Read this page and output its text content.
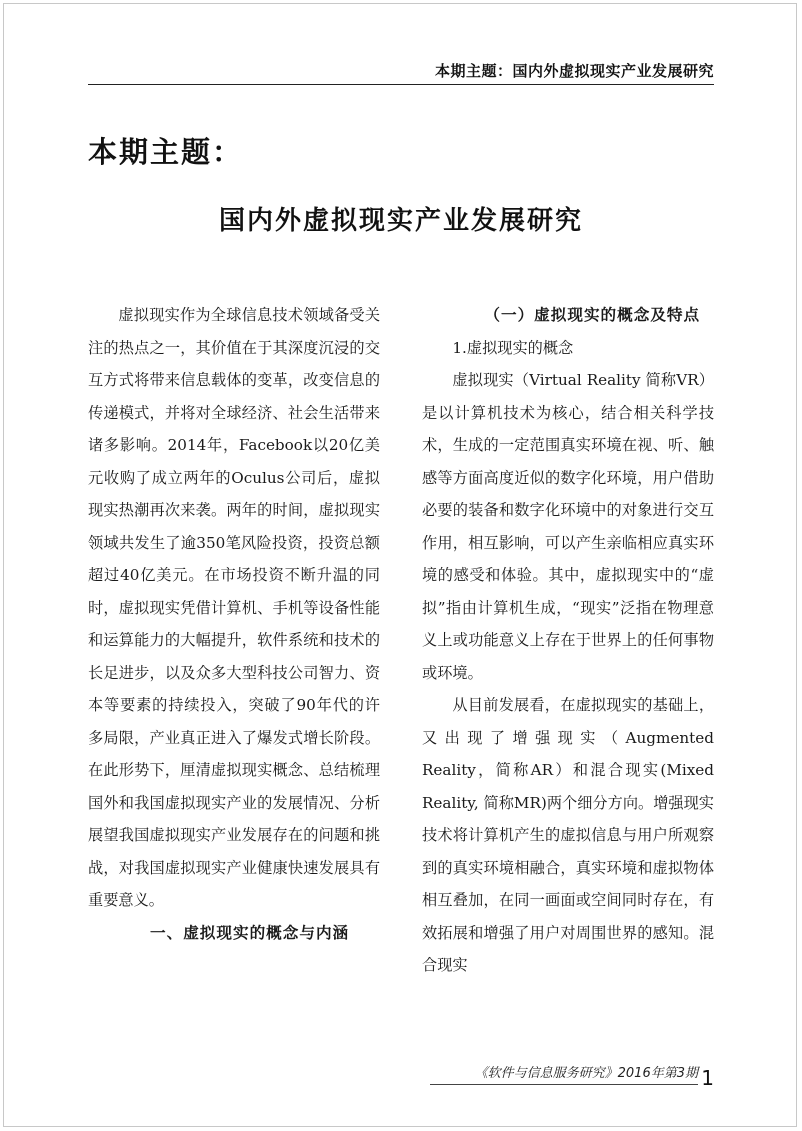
本期主题：国内外虚拟现实产业发展研究
本期主题：
国内外虚拟现实产业发展研究

虚拟现实作为全球信息技术领域备受关注的热点之一，其价值在于其深度沉浸的交互方式将带来信息载体的变革，改变信息的传递模式，并将对全球经济、社会生活带来诸多影响。2014年，Facebook以20亿美元收购了成立两年的Oculus公司后，虚拟现实热潮再次来袭。两年的时间，虚拟现实领域共发生了逾350笔风险投资，投资总额超过40亿美元。在市场投资不断升温的同时，虚拟现实凭借计算机、手机等设备性能和运算能力的大幅提升，软件系统和技术的长足进步，以及众多大型科技公司智力、资本等要素的持续投入，突破了90年代的许多局限，产业真正进入了爆发式增长阶段。在此形势下，厘清虚拟现实概念、总结梳理国外和我国虚拟现实产业的发展情况、分析展望我国虚拟现实产业发展存在的问题和挑战，对我国虚拟现实产业健康快速发展具有重要意义。

一、虚拟现实的概念与内涵

（一）虚拟现实的概念及特点

1.虚拟现实的概念

虚拟现实（Virtual Reality 简称VR）是以计算机技术为核心，结合相关科学技术，生成的一定范围真实环境在视、听、触感等方面高度近似的数字化环境，用户借助必要的装备和数字化环境中的对象进行交互作用，相互影响，可以产生亲临相应真实环境的感受和体验。其中，虚拟现实中的“虚拟”指由计算机生成，“现实”泛指在物理意义上或功能意义上存在于世界上的任何事物或环境。

从目前发展看，在虚拟现实的基础上，又出现了增强现实（Augmented Reality，简称AR）和混合现实(Mixed Reality, 简称MR)两个细分方向。增强现实技术将计算机产生的虚拟信息与用户所观察到的真实环境相融合，真实环境和虚拟物体相互叠加，在同一画面或空间同时存在，有效拓展和增强了用户对周围世界的感知。混合现实

《软件与信息服务研究》2016年第3期 1
